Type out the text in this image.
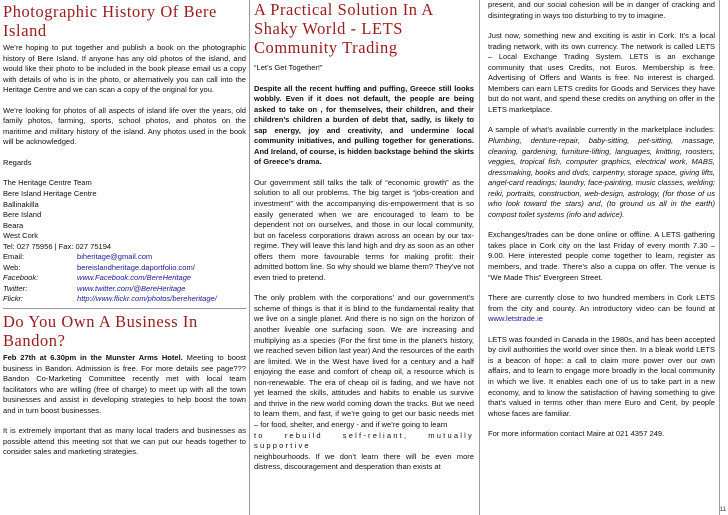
Photographic History Of Bere Island

We’re hoping to put together and publish a book on the photographic history of Bere Island. If anyone has any old photos of the island, and would like their photo to be included in the book please email us a copy with details of who is in the photo, or alternatively you can call into the Heritage Centre and we can scan a copy of the original for you.

We’re looking for photos of all aspects of island life over the years, old family photos, farming, sports, school photos, and photos on the maritime and military history of the island. Any photos used in the book will be acknowledged.

Regards

The Heritage Centre Team

Bere Island Heritage Centre

Ballinakilla

Bere Island

Beara

West Cork

Tel: 027 75956 | Fax: 027 75194

Email:	biheritage@gmail.com
Web:	bereislandheritage.daportfolio.com/
Facebook:	www.Facebook.com/BereHeritage
Twitter:	www.twitter.com/@BereHeritage
Flickr:	http://www.flickr.com/photos/bereheritage/
Do You Own A Business In Bandon?

Feb 27th at 6.30pm in the Munster Arms Hotel. Meeting to boost business in Bandon. Admission is free. For more details see page???Bandon Co-Marketing Committee recently met with local team facilitators who are willing (free of charge) to meet up with all the town businesses and assist in developing strategies to help boost the town and in turn boost businesses.

It is extremely important that as many local traders and businesses as possible attend this meeting sot that we can put our heads together to consider sales and marketing strategies.

A Practical Solution In A Shaky World - LETS Community Trading

“Let’s Get Together!”

Despite all the recent huffing and puffing, Greece still looks wobbly. Even if it does not default, the people are being asked to take on , for themselves, their children, and their children’s children a burden of debt that, sadly, is likely to sap energy, joy and creativity, and undermine local community initiatives, and pulling together for generations. And Ireland, of course, is hidden backstage behind the skirts of Greece’s drama.

Our government still talks the talk of “economic growth” as the solution to all our problems. The big target is “jobs-creation and investment” with the accompanying dis-empowerment that is so easily generated when we are encouraged to learn to be dependent not on ourselves, and those in our local community, but on faceless corporations drawn across an ocean by our tax-regime. They will leave this land high and dry as soon as an other offers them more favourable terms for making profit: their admitted bottom line. So why should we blame them? They’ve not even tried to pretend.

The only problem with the corporations’ and our government’s scheme of things is that it is blind to the fundamental reality that we live on a single planet. And there is no sign on the horizon of another liveable one surfacing soon. We are increasing and multiplying as a species (For the first time in the planet’s history, we reached seven billion last year) And the resources of the earth are limited. We in the West have lived for a century and a half enjoying the ease and comfort of cheap oil, a resource which is non-renewable. The era of cheap oil is fading, and we have not yet learned the skills, attitudes and habits to enable us survive and thrive in the new world coming down the tracks. But we need to learn them, and fast, if we’re going to get our basic needs met – for food, shelter, and energy - and if we’re going to learn

to rebuild self-reliant, mutually supportive

neighbourhoods. If we don’t learn there will be even more distress, discouragement and desperation than exists at

present, and our social cohesion will be in danger of cracking and disintegrating in ways too disturbing to try to imagine.

Just now, something new and exciting is astir in Cork. It’s a local trading network, with its own currency. The network is called LETS – Local Exchange Trading System. LETS is an exchange community that uses Credits, not Euros. Membership is free. Advertising of Offers and Wants is free. No interest is charged. Members can earn LETS credits for Goods and Services they have but do not want, and spend these credits on anything on offer in the LETS marketplace.

A sample of what’s available currently in the marketplace includes: Plumbing, denture-repair, baby-sitting, pet-sitting, massage, cleaning, gardening, furniture-lifting, languages, knitting, roosters, veggies, tropical fish, computer graphics, electrical work, MABS, dressmaking, books and dvds, carpentry, storage space, giving lifts, angel-card readings; laundry, face-painting, music classes, welding; reiki, portraits, construction, web-design, astrology, (for those of us who look toward the stars) and, (to ground us all in the earth) compost toilet systems (info and advice).

Exchanges/trades can be done online or offline. A LETS gathering takes place in Cork city on the last Friday of every month 7.30 – 9.00. Here interested people come together to learn, register as members, and trade. There’s also a cuppa on offer. The venue is “We Made This” Evergreen Street.

There are currently close to two hundred members in Cork LETS from the city and county. An introductory video can be found at www.letstrade.ie

LETS was founded in Canada in the 1980s, and has been accepted by civil authorities the world over since then. In a bleak world LETS is a beacon of hope: a call to claim more power over our own affairs, and to learn to engage more broadly in the local community in which we live. It enables each one of us to take part in a new economy, and to know the satisfaction of having something to give that’s valued in terms other than mere Euro and Cent, by people whose faces are familiar.

For more information contact Maire at 021 4357 249.

11
